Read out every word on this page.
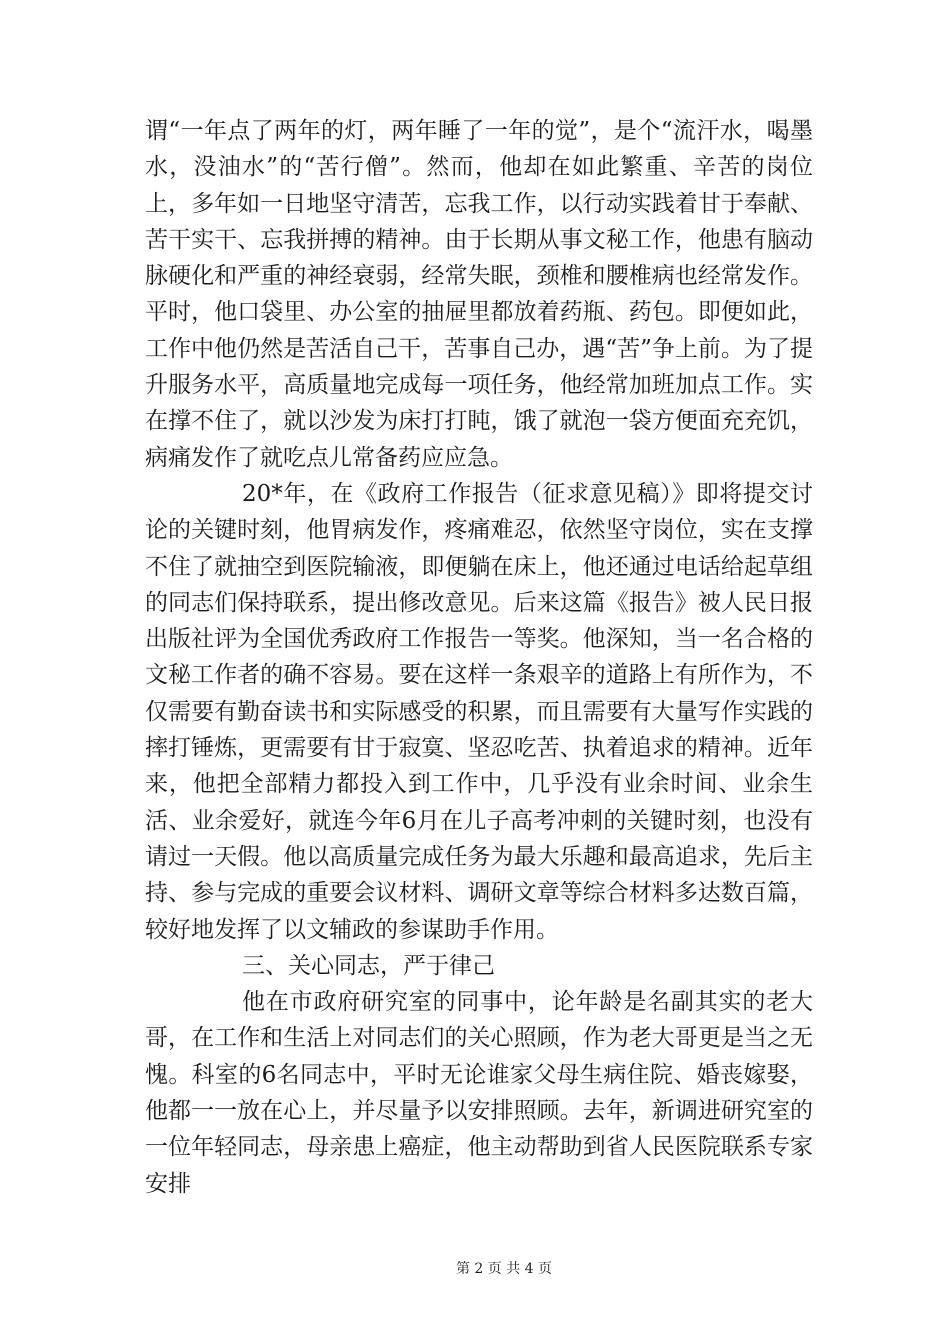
谓“一年点了两年的灯，两年睡了一年的觉”，是个“流汗水，喝墨水，没油水”的“苦行僧”。然而，他却在如此繁重、辛苦的岗位上，多年如一日地坚守清苦，忘我工作，以行动实践着甘于奉献、苦干实干、忘我拼搏的精神。由于长期从事文秘工作，他患有脑动脉硬化和严重的神经衰弱，经常失眠，颈椎和腰椎病也经常发作。平时，他口袋里、办公室的抽屉里都放着药瓶、药包。即便如此，工作中他仍然是苦活自己干，苦事自己办，遇“苦”争上前。为了提升服务水平，高质量地完成每一项任务，他经常加班加点工作。实在撑不住了，就以沙发为床打打盹，饿了就泡一袋方便面充充饥，病痛发作了就吃点儿常备药应应急。

20*年，在《政府工作报告（征求意见稿）》即将提交讨论的关键时刻，他胃病发作，疼痛难忍，依然坚守岗位，实在支撑不住了就抽空到医院输液，即便躺在床上，他还通过电话给起草组的同志们保持联系，提出修改意见。后来这篇《报告》被人民日报出版社评为全国优秀政府工作报告一等奖。他深知，当一名合格的文秘工作者的确不容易。要在这样一条艰辛的道路上有所作为，不仅需要有勤奋读书和实际感受的积累，而且需要有大量写作实践的摔打锤炼，更需要有甘于寂寞、坚忍吃苦、执着追求的精神。近年来，他把全部精力都投入到工作中，几乎没有业余时间、业余生活、业余爱好，就连今年6月在儿子高考冲刺的关键时刻，也没有请过一天假。他以高质量完成任务为最大乐趣和最高追求，先后主持、参与完成的重要会议材料、调研文章等综合材料多达数百篇，较好地发挥了以文辅政的参谋助手作用。

三、关心同志，严于律己

他在市政府研究室的同事中，论年龄是名副其实的老大哥，在工作和生活上对同志们的关心照顾，作为老大哥更是当之无愧。科室的6名同志中，平时无论谁家父母生病住院、婚丧嫁娶，他都一一放在心上，并尽量予以安排照顾。去年，新调进研究室的一位年轻同志，母亲患上癌症，他主动帮助到省人民医院联系专家安排

第 2 页 共 4 页
